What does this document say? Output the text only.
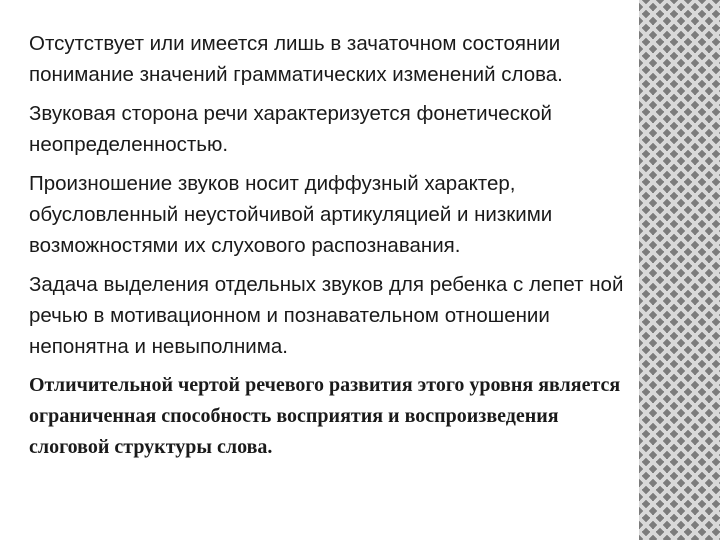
Отсутствует или имеется лишь в зачаточном состоянии понимание значений грамматических изменений слова.

Звуковая сторона речи характеризуется фонетической неопределенностью.

Произношение звуков носит диффузный характер, обусловленный неустойчивой артикуляцией и низкими возможностями их слухового распознавания.

Задача выделения отдельных звуков для ребенка с лепет ной речью в мотивационном и познавательном отношении непонятна и невыполнима.

Отличительной чертой речевого развития этого уровня является ограниченная способность восприятия и воспроизведения слоговой структуры слова.
